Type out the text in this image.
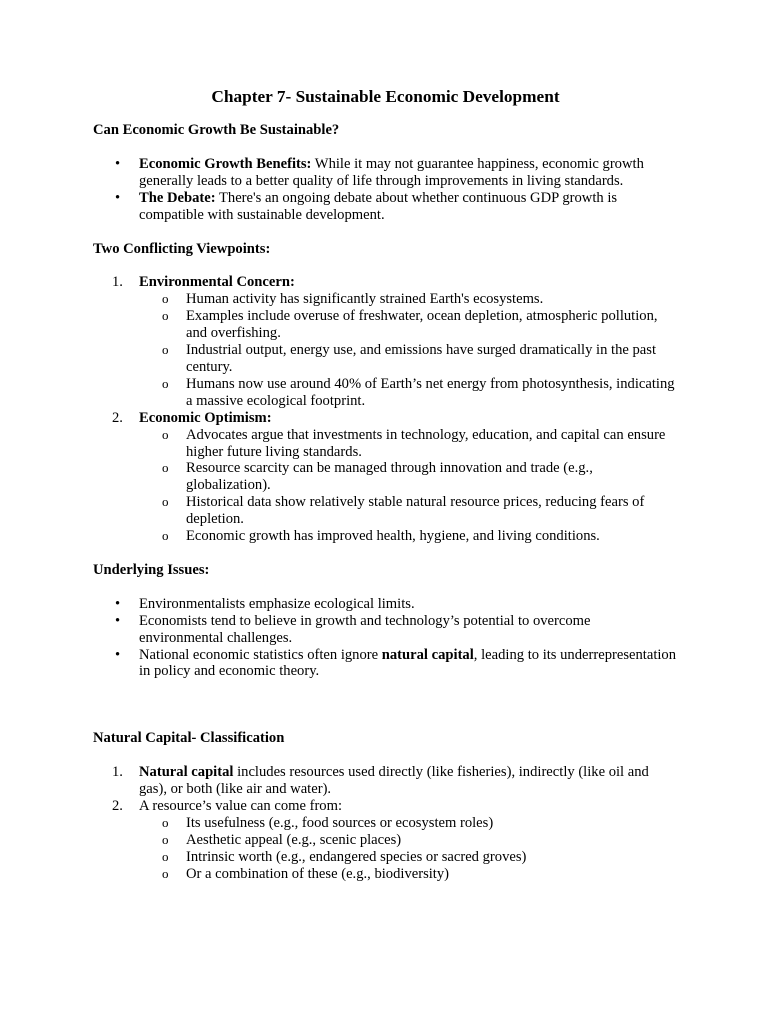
Chapter 7- Sustainable Economic Development

Can Economic Growth Be Sustainable?

• Economic Growth Benefits: While it may not guarantee happiness, economic growth generally leads to a better quality of life through improvements in living standards.
• The Debate: There's an ongoing debate about whether continuous GDP growth is compatible with sustainable development.

Two Conflicting Viewpoints:

1. Environmental Concern:
o Human activity has significantly strained Earth's ecosystems.
o Examples include overuse of freshwater, ocean depletion, atmospheric pollution, and overfishing.
o Industrial output, energy use, and emissions have surged dramatically in the past century.
o Humans now use around 40% of Earth’s net energy from photosynthesis, indicating a massive ecological footprint.
2. Economic Optimism:
o Advocates argue that investments in technology, education, and capital can ensure higher future living standards.
o Resource scarcity can be managed through innovation and trade (e.g., globalization).
o Historical data show relatively stable natural resource prices, reducing fears of depletion.
o Economic growth has improved health, hygiene, and living conditions.

Underlying Issues:

• Environmentalists emphasize ecological limits.
• Economists tend to believe in growth and technology’s potential to overcome environmental challenges.
• National economic statistics often ignore natural capital, leading to its underrepresentation in policy and economic theory.

Natural Capital- Classification

1. Natural capital includes resources used directly (like fisheries), indirectly (like oil and gas), or both (like air and water).
2. A resource’s value can come from:
o Its usefulness (e.g., food sources or ecosystem roles)
o Aesthetic appeal (e.g., scenic places)
o Intrinsic worth (e.g., endangered species or sacred groves)
o Or a combination of these (e.g., biodiversity)
